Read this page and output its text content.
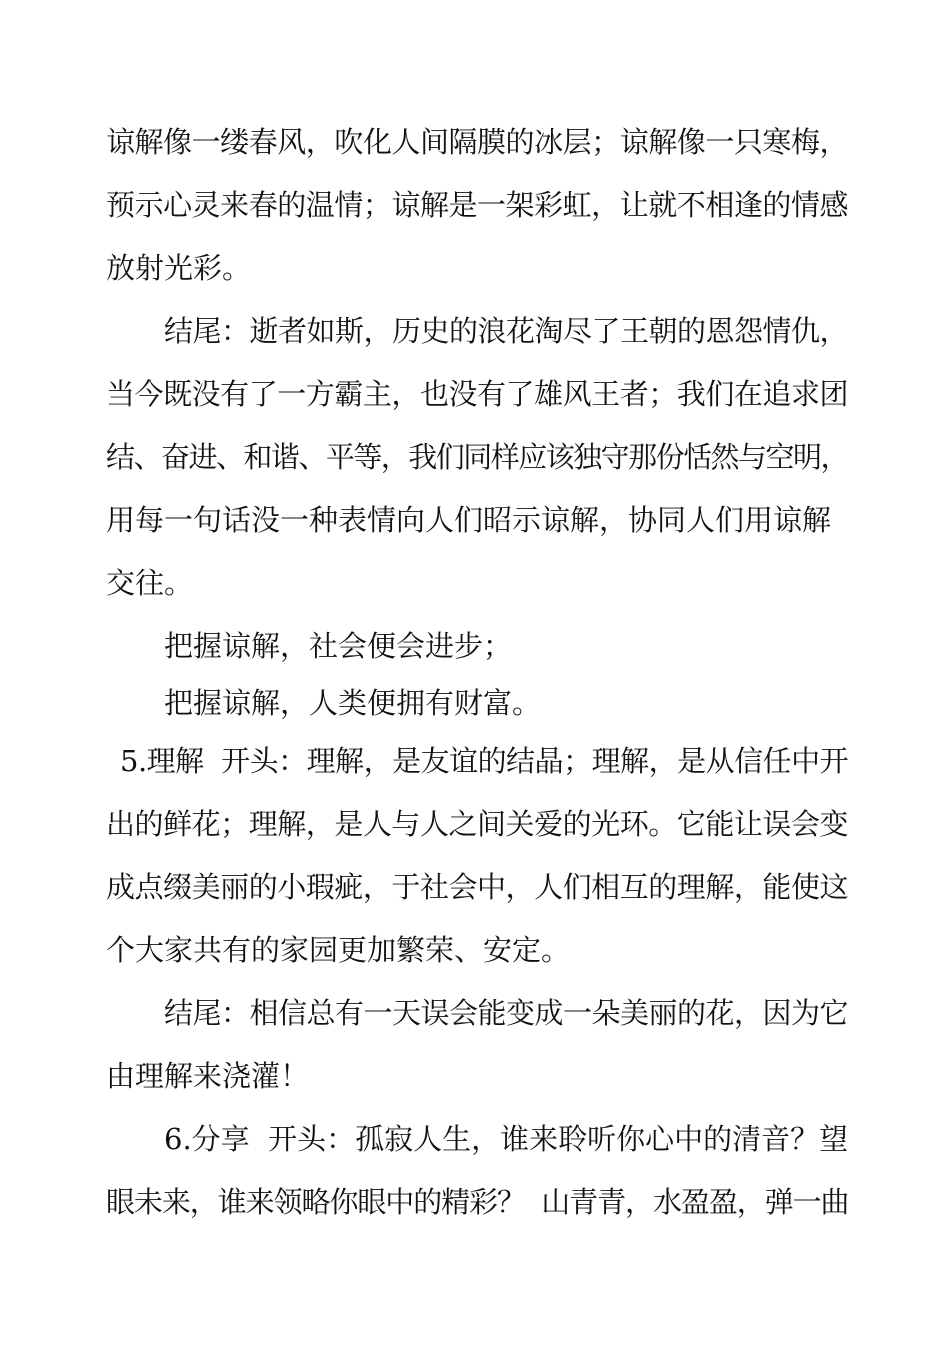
谅解像一缕春风，吹化人间隔膜的冰层；谅解像一只寒梅，
预示心灵来春的温情；谅解是一架彩虹，让就不相逢的情感
放射光彩。
结尾：逝者如斯，历史的浪花淘尽了王朝的恩怨情仇，
当今既没有了一方霸主，也没有了雄风王者；我们在追求团
结、奋进、和谐、平等，我们同样应该独守那份恬然与空明，
用每一句话没一种表情向人们昭示谅解，协同人们用谅解
交往。
把握谅解，社会便会进步；
把握谅解，人类便拥有财富。
5.理解  开头：理解，是友谊的结晶；理解，是从信任中开
出的鲜花；理解，是人与人之间关爱的光环。它能让误会变
成点缀美丽的小瑕疵，于社会中，人们相互的理解，能使这
个大家共有的家园更加繁荣、安定。
结尾：相信总有一天误会能变成一朵美丽的花，因为它
由理解来浇灌！
6.分享  开头：孤寂人生，谁来聆听你心中的清音？望
眼未来，谁来领略你眼中的精彩？  山青青，水盈盈，弹一曲
